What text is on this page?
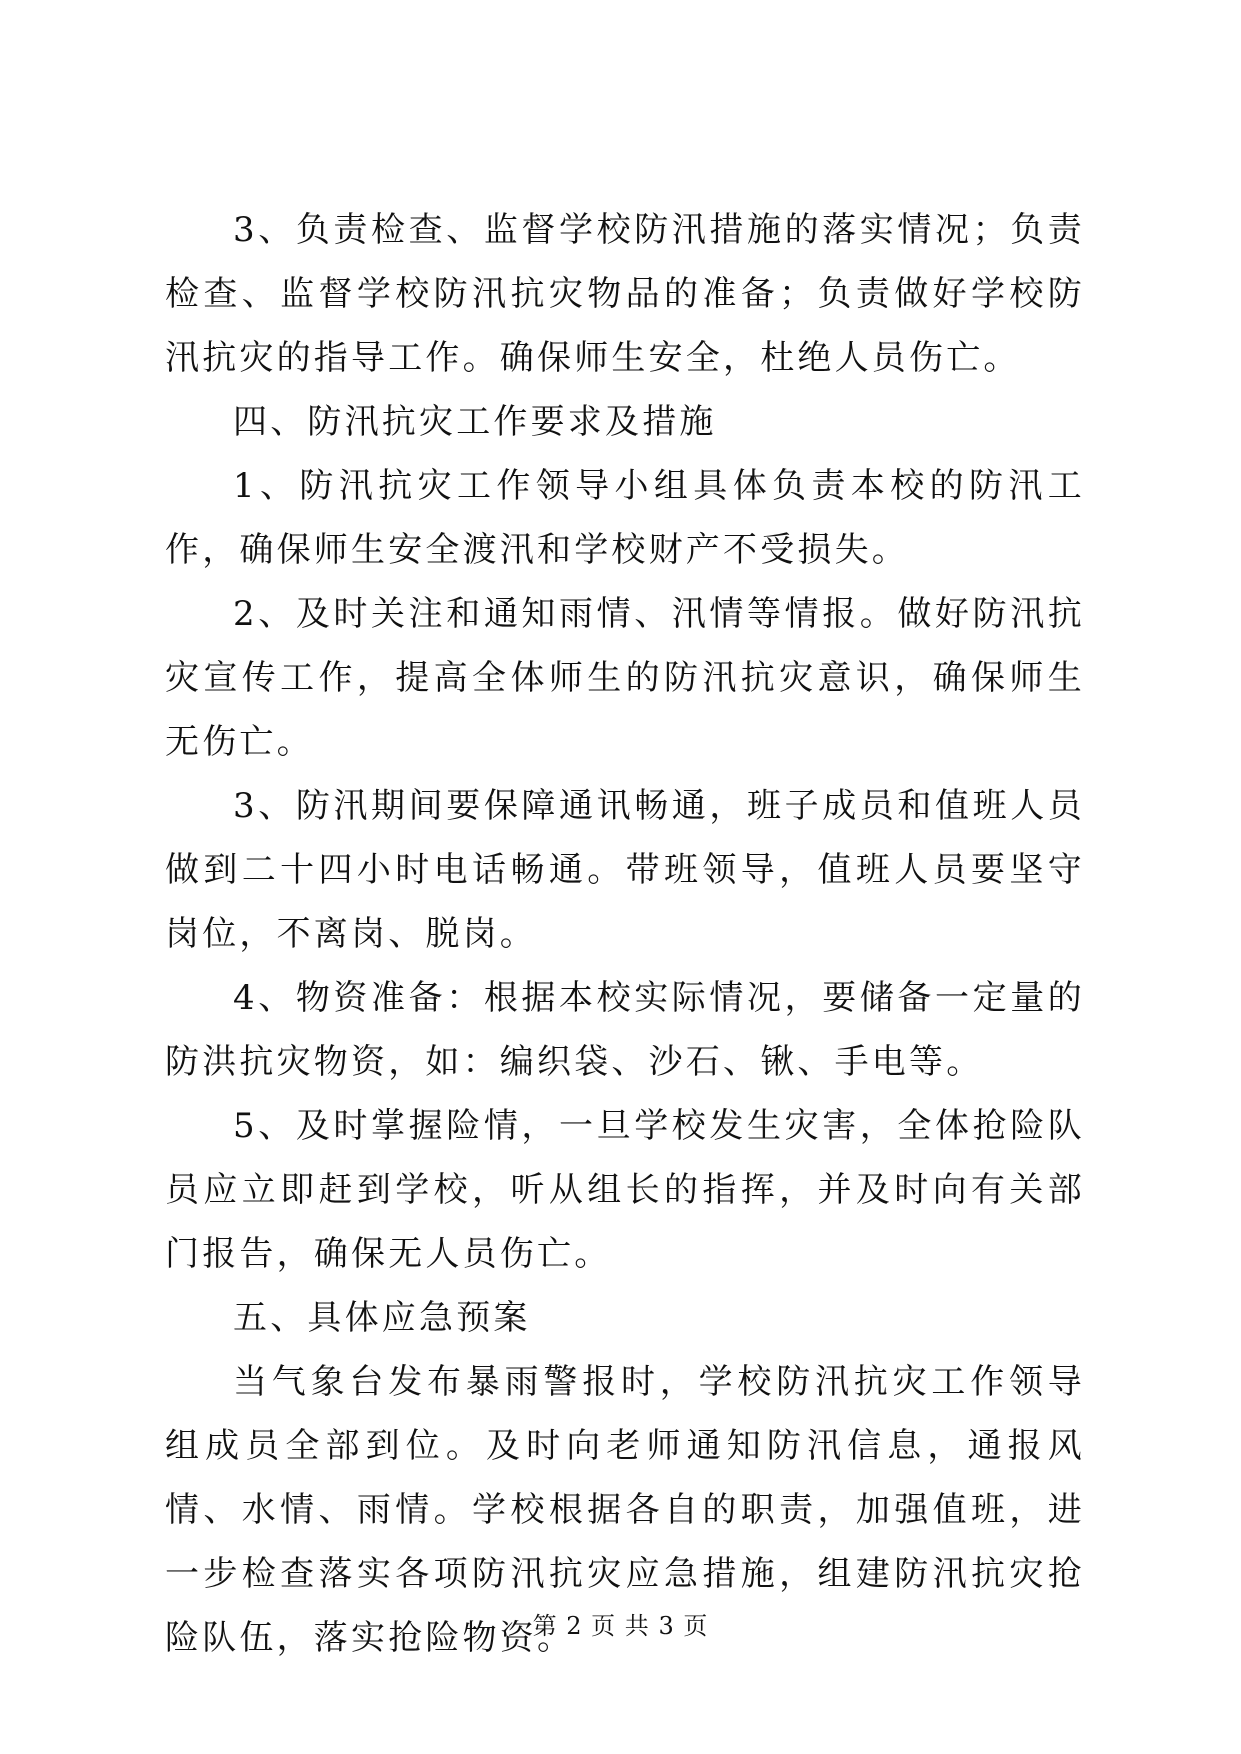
3、负责检查、监督学校防汛措施的落实情况；负责检查、监督学校防汛抗灾物品的准备；负责做好学校防汛抗灾的指导工作。确保师生安全，杜绝人员伤亡。

四、防汛抗灾工作要求及措施

1、防汛抗灾工作领导小组具体负责本校的防汛工作，确保师生安全渡汛和学校财产不受损失。

2、及时关注和通知雨情、汛情等情报。做好防汛抗灾宣传工作，提高全体师生的防汛抗灾意识，确保师生无伤亡。

3、防汛期间要保障通讯畅通，班子成员和值班人员做到二十四小时电话畅通。带班领导，值班人员要坚守岗位，不离岗、脱岗。

4、物资准备：根据本校实际情况，要储备一定量的防洪抗灾物资，如：编织袋、沙石、锹、手电等。

5、及时掌握险情，一旦学校发生灾害，全体抢险队员应立即赶到学校，听从组长的指挥，并及时向有关部门报告，确保无人员伤亡。

五、具体应急预案

当气象台发布暴雨警报时，学校防汛抗灾工作领导组成员全部到位。及时向老师通知防汛信息，通报风情、水情、雨情。学校根据各自的职责，加强值班，进一步检查落实各项防汛抗灾应急措施，组建防汛抗灾抢险队伍，落实抢险物资。

第 2 页 共 3 页
